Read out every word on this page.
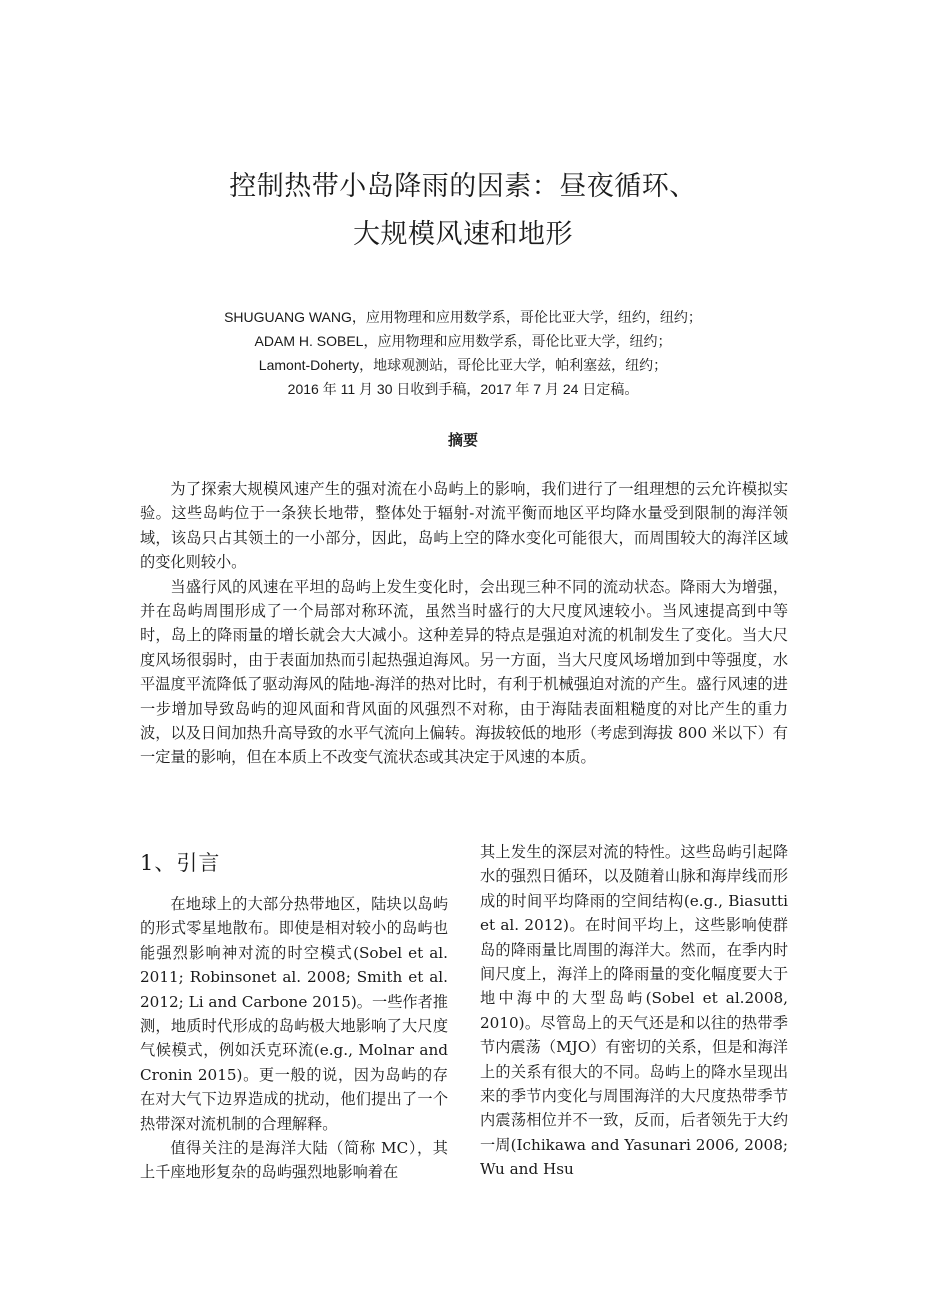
控制热带小岛降雨的因素：昼夜循环、
大规模风速和地形
SHUGUANG WANG，应用物理和应用数学系，哥伦比亚大学，纽约，纽约；
ADAM H. SOBEL，应用物理和应用数学系，哥伦比亚大学，纽约；
Lamont-Doherty，地球观测站，哥伦比亚大学，帕利塞兹，纽约；
2016 年 11 月 30 日收到手稿，2017 年 7 月 24 日定稿。
摘要

为了探索大规模风速产生的强对流在小岛屿上的影响，我们进行了一组理想的云允许模拟实验。这些岛屿位于一条狭长地带，整体处于辐射-对流平衡而地区平均降水量受到限制的海洋领域，该岛只占其领土的一小部分，因此，岛屿上空的降水变化可能很大，而周围较大的海洋区域的变化则较小。

当盛行风的风速在平坦的岛屿上发生变化时，会出现三种不同的流动状态。降雨大为增强，并在岛屿周围形成了一个局部对称环流，虽然当时盛行的大尺度风速较小。当风速提高到中等时，岛上的降雨量的增长就会大大减小。这种差异的特点是强迫对流的机制发生了变化。当大尺度风场很弱时，由于表面加热而引起热强迫海风。另一方面，当大尺度风场增加到中等强度，水平温度平流降低了驱动海风的陆地-海洋的热对比时，有利于机械强迫对流的产生。盛行风速的进一步增加导致岛屿的迎风面和背风面的风强烈不对称，由于海陆表面粗糙度的对比产生的重力波，以及日间加热升高导致的水平气流向上偏转。海拔较低的地形（考虑到海拔 800 米以下）有一定量的影响，但在本质上不改变气流状态或其决定于风速的本质。

1、引言

在地球上的大部分热带地区，陆块以岛屿的形式零星地散布。即使是相对较小的岛屿也能强烈影响神对流的时空模式(Sobel et al. 2011; Robinsonet al. 2008; Smith et al. 2012; Li and Carbone 2015)。一些作者推测，地质时代形成的岛屿极大地影响了大尺度气候模式，例如沃克环流(e.g., Molnar and Cronin 2015)。更一般的说，因为岛屿的存在对大气下边界造成的扰动，他们提出了一个热带深对流机制的合理解释。

值得关注的是海洋大陆（简称 MC），其上千座地形复杂的岛屿强烈地影响着在

其上发生的深层对流的特性。这些岛屿引起降水的强烈日循环，以及随着山脉和海岸线而形成的时间平均降雨的空间结构(e.g., Biasutti et al. 2012)。在时间平均上，这些影响使群岛的降雨量比周围的海洋大。然而，在季内时间尺度上，海洋上的降雨量的变化幅度要大于地中海中的大型岛屿(Sobel et al.2008, 2010)。尽管岛上的天气还是和以往的热带季节内震荡（MJO）有密切的关系，但是和海洋上的关系有很大的不同。岛屿上的降水呈现出来的季节内变化与周围海洋的大尺度热带季节内震荡相位并不一致，反而，后者领先于大约一周(Ichikawa and Yasunari 2006, 2008; Wu and Hsu
